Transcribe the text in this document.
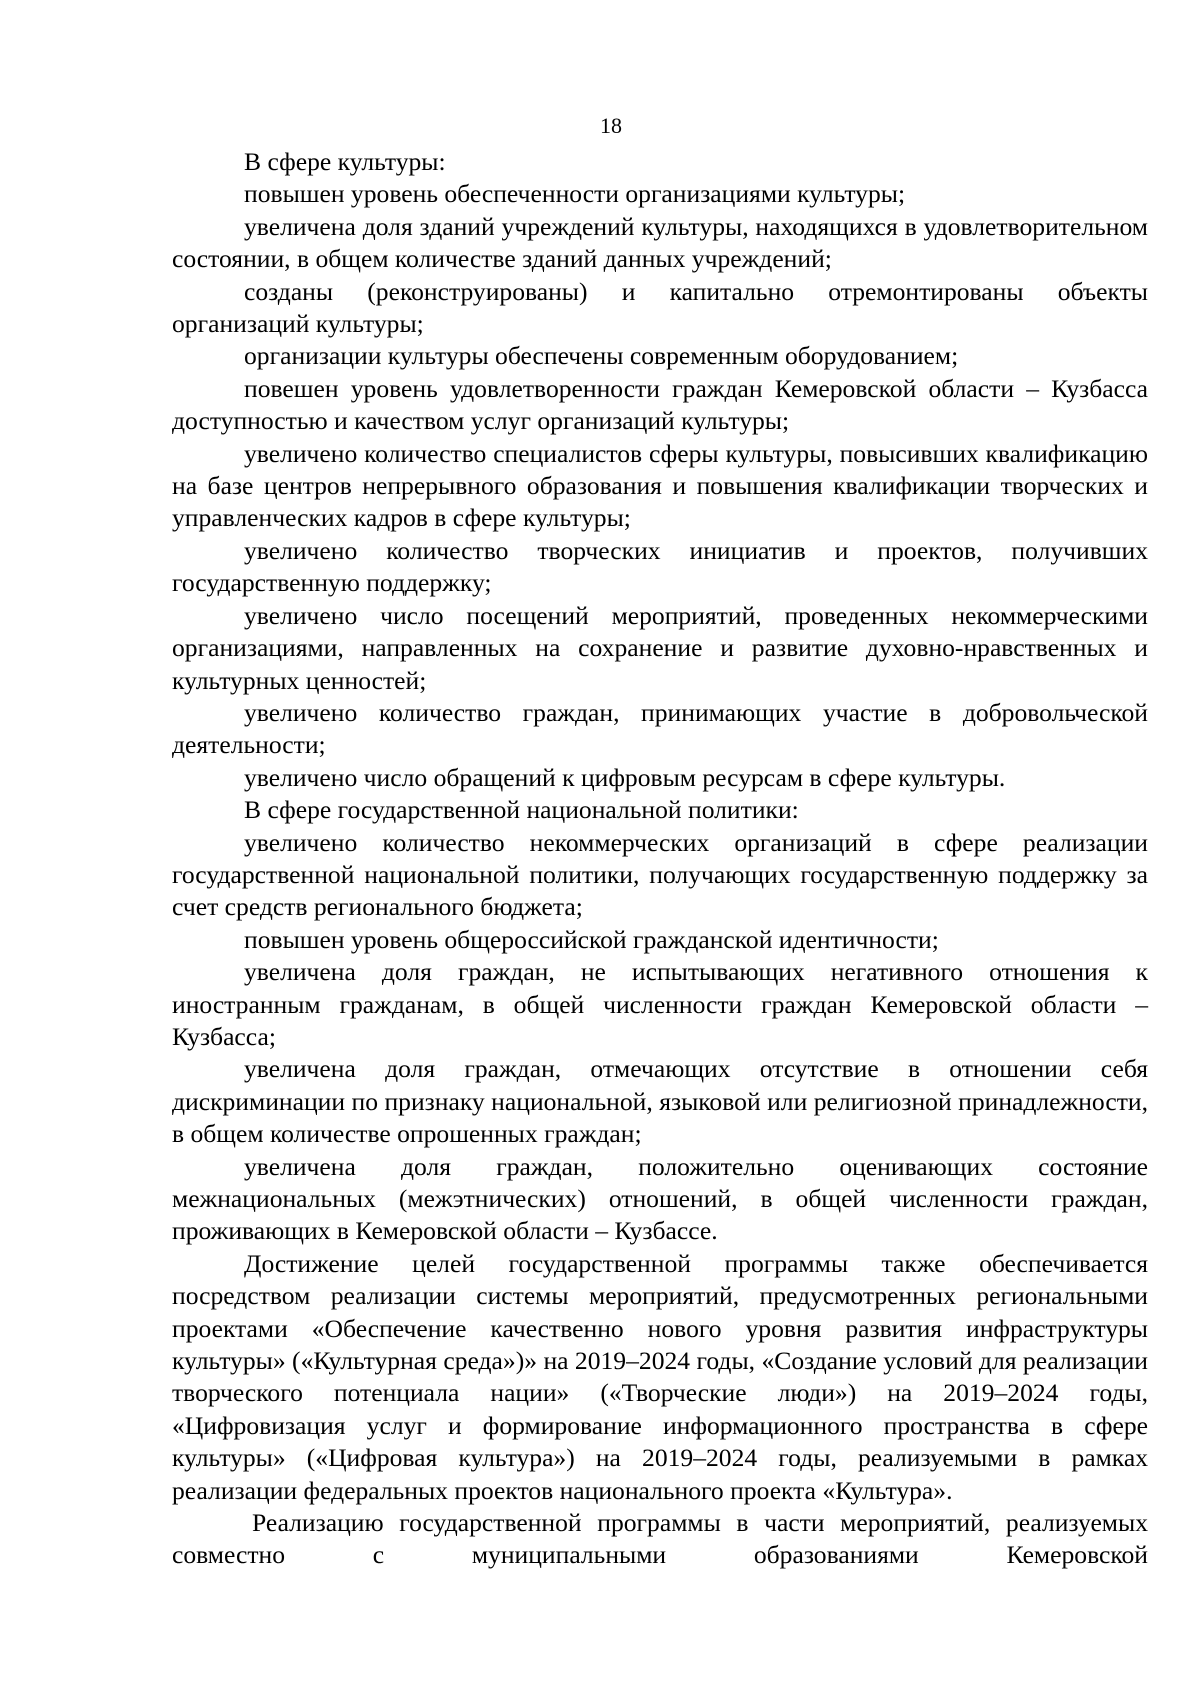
18

В сфере культуры:

повышен уровень обеспеченности организациями культуры;

увеличена доля зданий учреждений культуры, находящихся в удовлетворительном состоянии, в общем количестве зданий данных учреждений;

созданы (реконструированы) и капитально отремонтированы объекты организаций культуры;

организации культуры обеспечены современным оборудованием;

повешен уровень удовлетворенности граждан Кемеровской области – Кузбасса доступностью и качеством услуг организаций культуры;

увеличено количество специалистов сферы культуры, повысивших квалификацию на базе центров непрерывного образования и повышения квалификации творческих и управленческих кадров в сфере культуры;

увеличено количество творческих инициатив и проектов, получивших государственную поддержку;

увеличено число посещений мероприятий, проведенных некоммерческими организациями, направленных на сохранение и развитие духовно-нравственных и культурных ценностей;

увеличено количество граждан, принимающих участие в добровольческой деятельности;

увеличено число обращений к цифровым ресурсам в сфере культуры.

В сфере государственной национальной политики:

увеличено количество некоммерческих организаций в сфере реализации государственной национальной политики, получающих государственную поддержку за счет средств регионального бюджета;

повышен уровень общероссийской гражданской идентичности;

увеличена доля граждан, не испытывающих негативного отношения к иностранным гражданам, в общей численности граждан Кемеровской области – Кузбасса;

увеличена доля граждан, отмечающих отсутствие в отношении себя дискриминации по признаку национальной, языковой или религиозной принадлежности, в общем количестве опрошенных граждан;

увеличена доля граждан, положительно оценивающих состояние межнациональных (межэтнических) отношений, в общей численности граждан, проживающих в Кемеровской области – Кузбассе.

Достижение целей государственной программы также обеспечивается посредством реализации системы мероприятий, предусмотренных региональными проектами «Обеспечение качественно нового уровня развития инфраструктуры культуры» («Культурная среда»)» на 2019–2024 годы, «Создание условий для реализации творческого потенциала нации» («Творческие люди») на 2019–2024 годы, «Цифровизация услуг и формирование информационного пространства в сфере культуры» («Цифровая культура») на 2019–2024 годы, реализуемыми в рамках реализации федеральных проектов национального проекта «Культура».

Реализацию государственной программы в части мероприятий, реализуемых совместно с муниципальными образованиями Кемеровской
